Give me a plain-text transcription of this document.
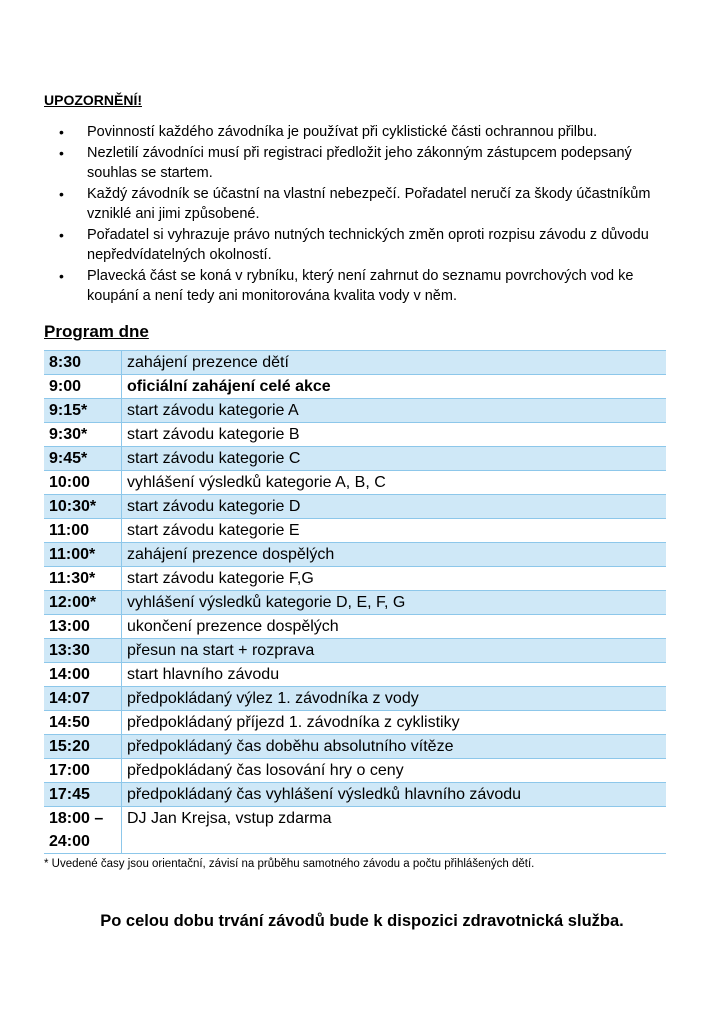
UPOZORNĚNÍ!
• Povinností každého závodníka je používat při cyklistické části ochrannou přilbu.
• Nezletilí závodníci musí při registraci předložit jeho zákonným zástupcem podepsaný souhlas se startem.
• Každý závodník se účastní na vlastní nebezpečí. Pořadatel neručí za škody účastníkům vzniklé ani jimi způsobené.
• Pořadatel si vyhrazuje právo nutných technických změn oproti rozpisu závodu z důvodu nepředvídatelných okolností.
• Plavecká část se koná v rybníku, který není zahrnut do seznamu povrchových vod ke koupání a není tedy ani monitorována kvalita vody v něm.
Program dne
8:30	zahájení prezence dětí
9:00	oficiální zahájení celé akce
9:15*	start závodu kategorie A
9:30*	start závodu kategorie B
9:45*	start závodu kategorie C
10:00	vyhlášení výsledků kategorie A, B, C
10:30*	start závodu kategorie D
11:00	start závodu kategorie E
11:00*	zahájení prezence dospělých
11:30*	start závodu kategorie F,G
12:00*	vyhlášení výsledků kategorie D, E, F, G
13:00	ukončení prezence dospělých
13:30	přesun na start + rozprava
14:00	start hlavního závodu
14:07	předpokládaný výlez 1. závodníka z vody
14:50	předpokládaný příjezd 1. závodníka z cyklistiky
15:20	předpokládaný čas doběhu absolutního vítěze
17:00	předpokládaný čas losování hry o ceny
17:45	předpokládaný čas vyhlášení výsledků hlavního závodu
18:00 –
24:00	DJ Jan Krejsa, vstup zdarma
* Uvedené časy jsou orientační, závisí na průběhu samotného závodu a počtu přihlášených dětí.
Po celou dobu trvání závodů bude k dispozici zdravotnická služba.
